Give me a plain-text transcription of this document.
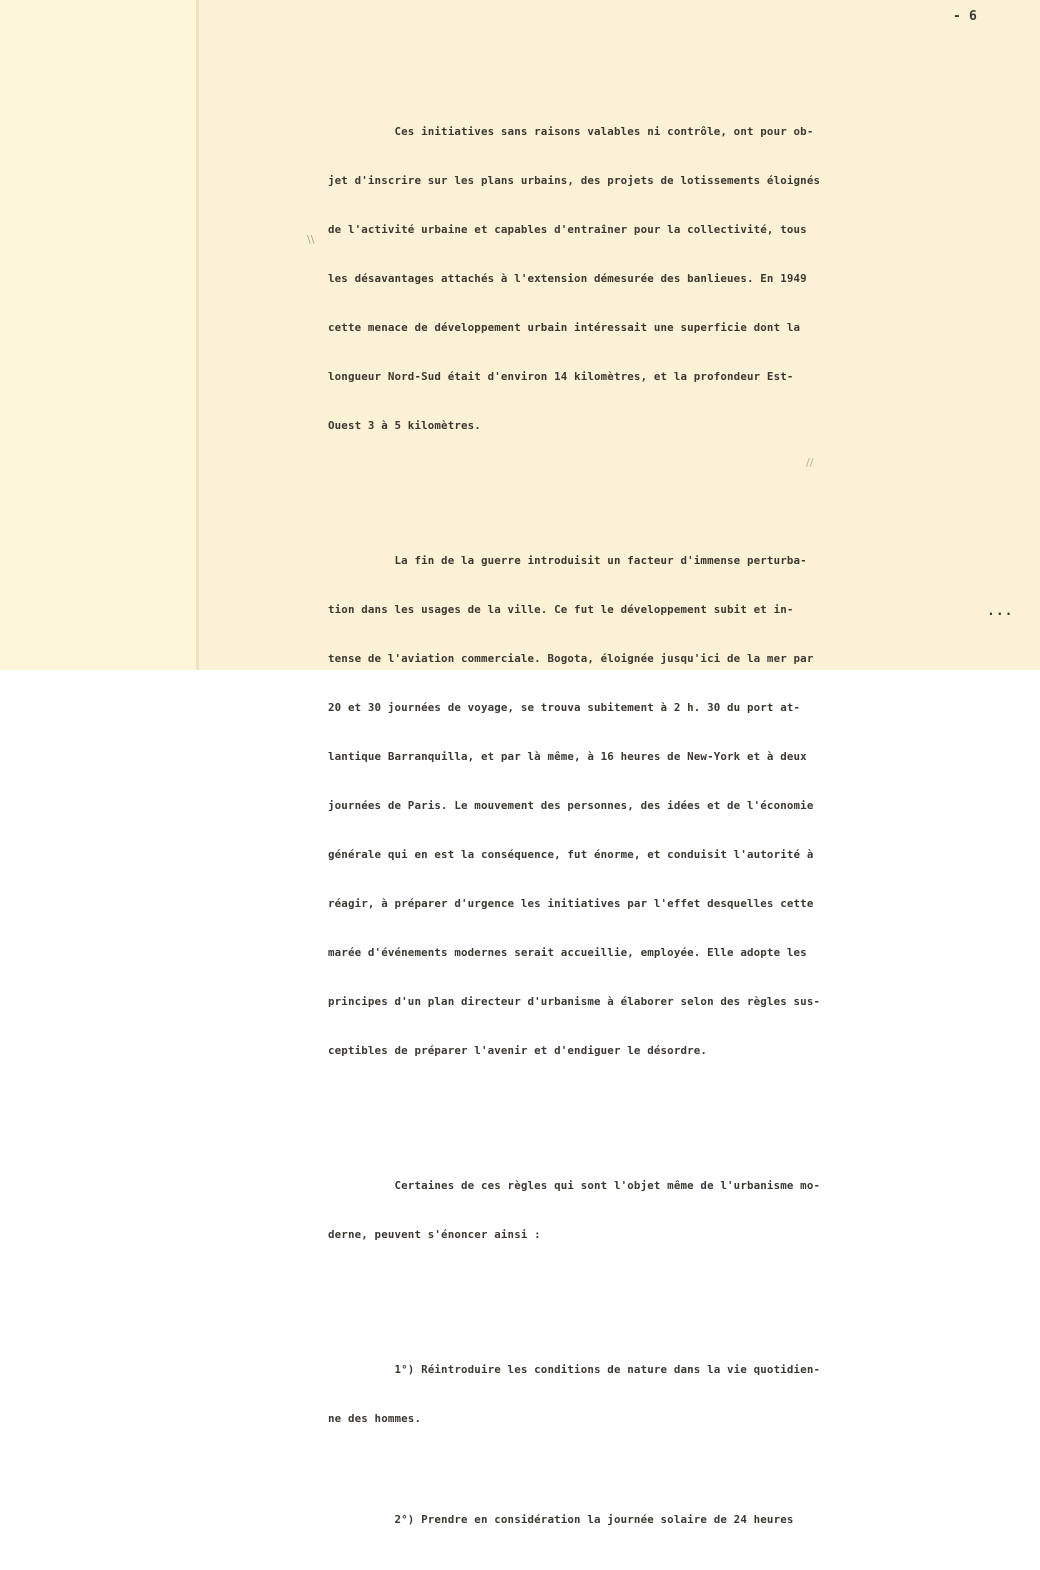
- 6
\\

Ces initiatives sans raisons valables ni contrôle, ont pour ob-

jet d'inscrire sur les plans urbains, des projets de lotissements éloignés

de l'activité urbaine et capables d'entraîner pour la collectivité, tous

les désavantages attachés à l'extension démesurée des banlieues. En 1949

cette menace de développement urbain intéressait une superficie dont la

longueur Nord-Sud était d'environ 14 kilomètres, et la profondeur Est-

Ouest 3 à 5 kilomètres.

La fin de la guerre introduisit un facteur d'immense perturba-

tion dans les usages de la ville. Ce fut le développement subit et in-

tense de l'aviation commerciale. Bogota, éloignée jusqu'ici de la mer par

20 et 30 journées de voyage, se trouva subitement à 2 h. 30 du port at-

lantique Barranquilla, et par là même, à 16 heures de New-York et à deux

journées de Paris. Le mouvement des personnes, des idées et de l'économie

générale qui en est la conséquence, fut énorme, et conduisit l'autorité à

réagir, à préparer d'urgence les initiatives par l'effet desquelles cette

marée d'événements modernes serait accueillie, employée. Elle adopte les

principes d'un plan directeur d'urbanisme à élaborer selon des règles sus-

ceptibles de préparer l'avenir et d'endiguer le désordre.

Certaines de ces règles qui sont l'objet même de l'urbanisme mo-

derne, peuvent s'énoncer ainsi :

1°) Réintroduire les conditions de nature dans la vie quotidien-

ne des hommes.

2°) Prendre en considération la journée solaire de 24 heures

//
...
